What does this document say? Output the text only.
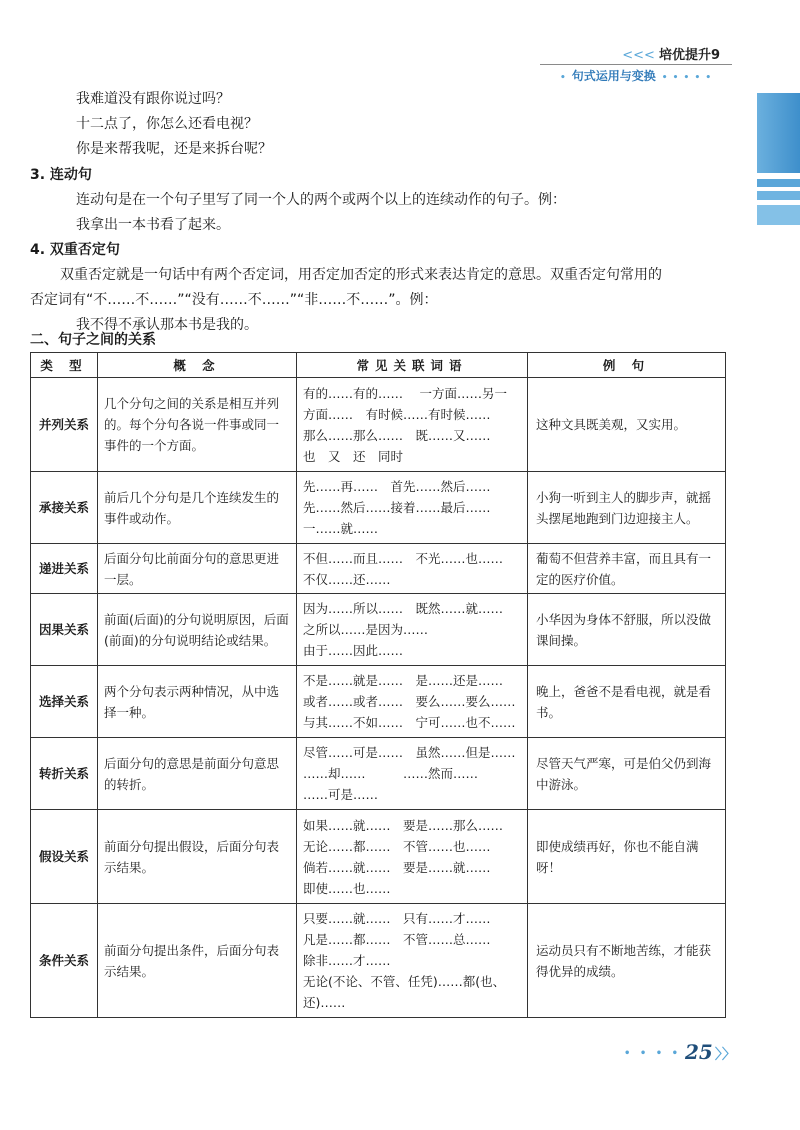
<<< 培优提升9
• 句式运用与变换 • • • • •
我难道没有跟你说过吗？
十二点了，你怎么还看电视？
你是来帮我呢，还是来拆台呢？
3. 连动句
连动句是在一个句子里写了同一个人的两个或两个以上的连续动作的句子。例：
我拿出一本书看了起来。
4. 双重否定句
双重否定就是一句话中有两个否定词，用否定加否定的形式来表达肯定的意思。双重否定句常用的
否定词有“不……不……”“没有……不……”“非……不……”。例：
我不得不承认那本书是我的。
二、句子之间的关系
类 型	概 念	常见关联词语	例 句
并列关系	几个分句之间的关系是相互并列的。每个分句各说一件事或同一事件的一个方面。	有的……有的……　 一方面……另一
方面……　有时候……有时候……
那么……那么……　既……又……
也　又　还　同时	这种文具既美观，又实用。
承接关系	前后几个分句是几个连续发生的事件或动作。	先……再……　首先……然后……
先……然后……接着……最后……
一……就……	小狗一听到主人的脚步声，就摇头摆尾地跑到门边迎接主人。
递进关系	后面分句比前面分句的意思更进一层。	不但……而且……　不光……也……
不仅……还……	葡萄不但营养丰富，而且具有一定的医疗价值。
因果关系	前面(后面)的分句说明原因，后面(前面)的分句说明结论或结果。	因为……所以……　既然……就……
之所以……是因为……
由于……因此……	小华因为身体不舒服，所以没做课间操。
选择关系	两个分句表示两种情况，从中选择一种。	不是……就是……　是……还是……
或者……或者……　要么……要么……
与其……不如……　宁可……也不……	晚上，爸爸不是看电视，就是看书。
转折关系	后面分句的意思是前面分句意思的转折。	尽管……可是……　虽然……但是……
……却……　　　……然而……
……可是……	尽管天气严寒，可是伯父仍到海中游泳。
假设关系	前面分句提出假设，后面分句表示结果。	如果……就……　要是……那么……
无论……都……　不管……也……
倘若……就……　要是……就……
即使……也……	即使成绩再好，你也不能自满呀！
条件关系	前面分句提出条件，后面分句表示结果。	只要……就……　只有……才……
凡是……都……　不管……总……
除非……才……
无论(不论、不管、任凭)……都(也、
还)……	运动员只有不断地苦练，才能获得优异的成绩。
• • • • 25 〉〉
